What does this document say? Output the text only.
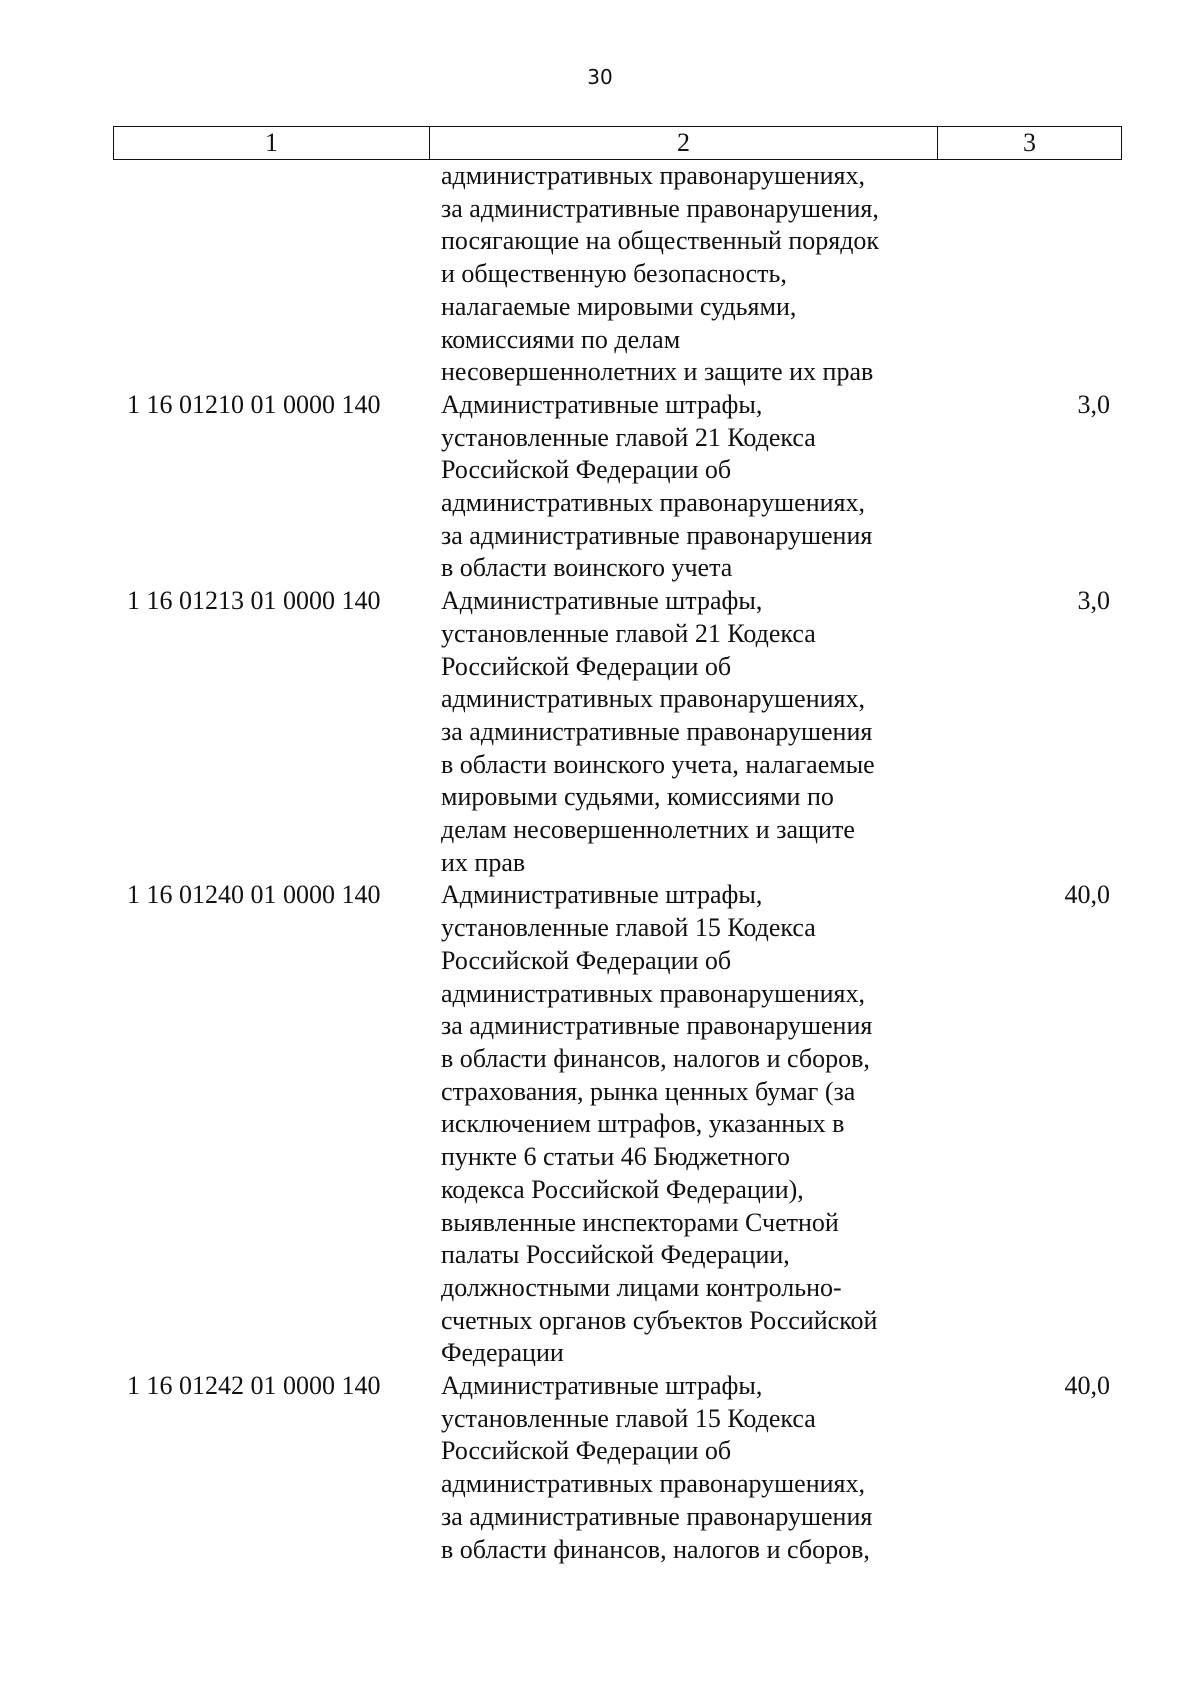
30
1	2	3
административных правонарушениях,
за административные правонарушения,
посягающие на общественный порядок
и общественную безопасность,
налагаемые мировыми судьями,
комиссиями по делам
несовершеннолетних и защите их прав
1 16 01210 01 0000 140	Административные штрафы,
установленные главой 21 Кодекса
Российской Федерации об
административных правонарушениях,
за административные правонарушения
в области воинского учета
3,0
1 16 01213 01 0000 140	Административные штрафы,
установленные главой 21 Кодекса
Российской Федерации об
административных правонарушениях,
за административные правонарушения
в области воинского учета, налагаемые
мировыми судьями, комиссиями по
делам несовершеннолетних и защите
их прав
3,0
1 16 01240 01 0000 140	Административные штрафы,
установленные главой 15 Кодекса
Российской Федерации об
административных правонарушениях,
за административные правонарушения
в области финансов, налогов и сборов,
страхования, рынка ценных бумаг (за
исключением штрафов, указанных в
пункте 6 статьи 46 Бюджетного
кодекса Российской Федерации),
выявленные инспекторами Счетной
палаты Российской Федерации,
должностными лицами контрольно-
счетных органов субъектов Российской
Федерации
40,0
1 16 01242 01 0000 140	Административные штрафы,
установленные главой 15 Кодекса
Российской Федерации об
административных правонарушениях,
за административные правонарушения
в области финансов, налогов и сборов,
40,0
